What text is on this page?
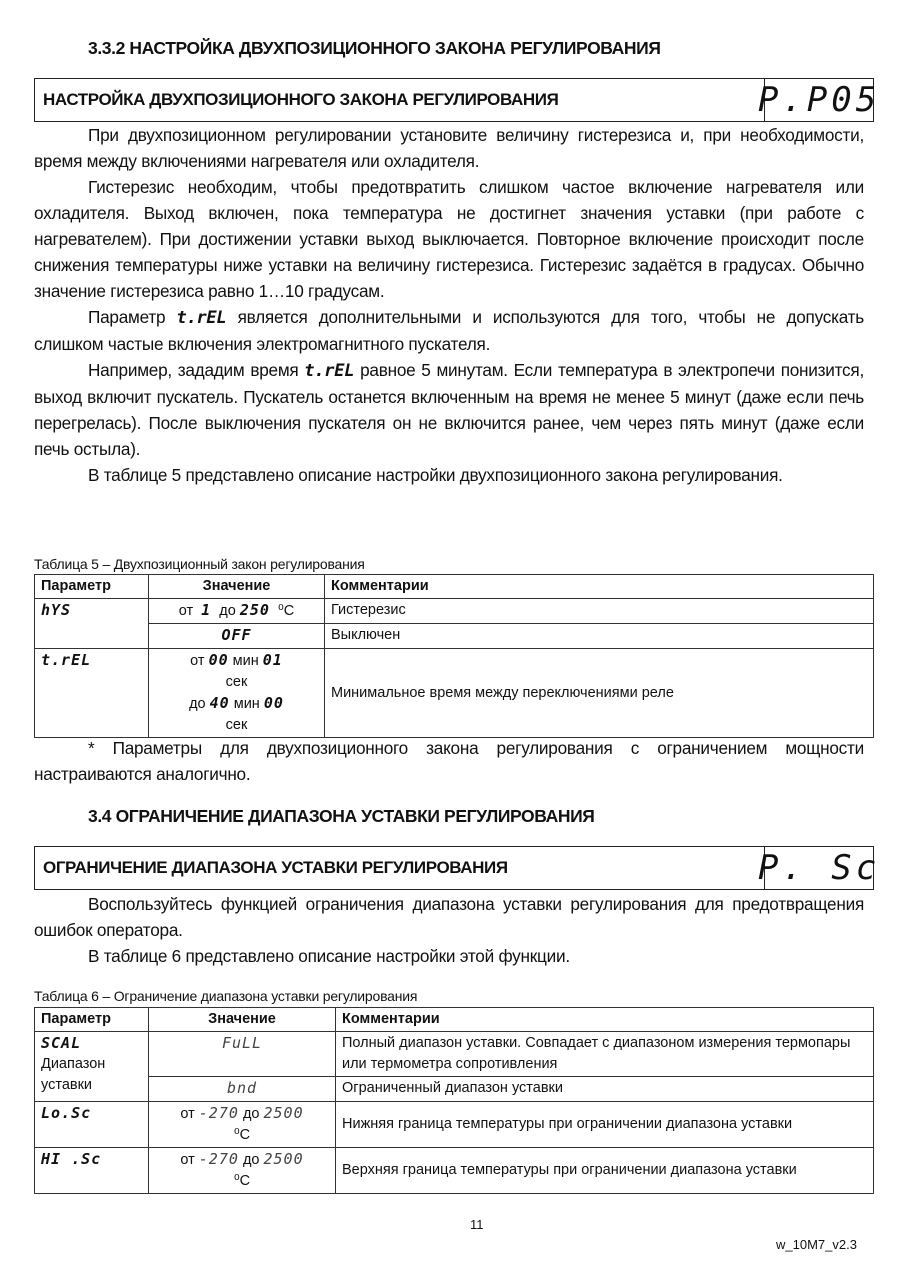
3.3.2 НАСТРОЙКА ДВУХПОЗИЦИОННОГО ЗАКОНА РЕГУЛИРОВАНИЯ
НАСТРОЙКА ДВУХПОЗИЦИОННОГО ЗАКОНА РЕГУЛИРОВАНИЯ	P.P05

При двухпозиционном регулировании установите величину гистерезиса и, при необходимости, время между включениями нагревателя или охладителя.

Гистерезис необходим, чтобы предотвратить слишком частое включение нагревателя или охладителя. Выход включен, пока температура не достигнет значения уставки (при работе с нагревателем). При достижении уставки выход выключается. Повторное включение происходит после снижения температуры ниже уставки на величину гистерезиса. Гистерезис задаётся в градусах. Обычно значение гистерезиса равно 1…10 градусам.

Параметр t.rEL является дополнительными и используются для того, чтобы не допускать слишком частые включения электромагнитного пускателя.

Например, зададим время t.rEL равное 5 минутам. Если температура в электропечи понизится, выход включит пускатель. Пускатель останется включенным на время не менее 5 минут (даже если печь перегрелась). После выключения пускателя он не включится ранее, чем через пять минут (даже если печь остыла).

В таблице 5 представлено описание настройки двухпозиционного закона регулирования.

Таблица 5 – Двухпозиционный закон регулирования
Параметр	Значение	Комментарии
hYS	от 1 до 250 ⁰C	Гистерезис
	OFF	Выключен
t.rEL	от 00 мин 01
сек
до 40 мин 00
сек	Минимальное время между переключениями реле

* Параметры для двухпозиционного закона регулирования с ограничением мощности настраиваются аналогично.

3.4 ОГРАНИЧЕНИЕ ДИАПАЗОНА УСТАВКИ РЕГУЛИРОВАНИЯ
ОГРАНИЧЕНИЕ ДИАПАЗОНА УСТАВКИ РЕГУЛИРОВАНИЯ	P. Sc

Воспользуйтесь функцией ограничения диапазона уставки регулирования для предотвращения ошибок оператора.

В таблице 6 представлено описание настройки этой функции.

Таблица 6 – Ограничение диапазона уставки регулирования
Параметр	Значение	Комментарии

SCAL
Диапазон уставки	FuLL	Полный диапазон уставки. Совпадает с диапазоном измерения термопары или термометра сопротивления
	bnd	Ограниченный диапазон уставки
Lo.Sc	от -270 до 2500
⁰C	Нижняя граница температуры при ограничении диапазона уставки
HI .Sc	от -270 до 2500
⁰C	Верхняя граница температуры при ограничении диапазона уставки
11
w_10M7_v2.3
